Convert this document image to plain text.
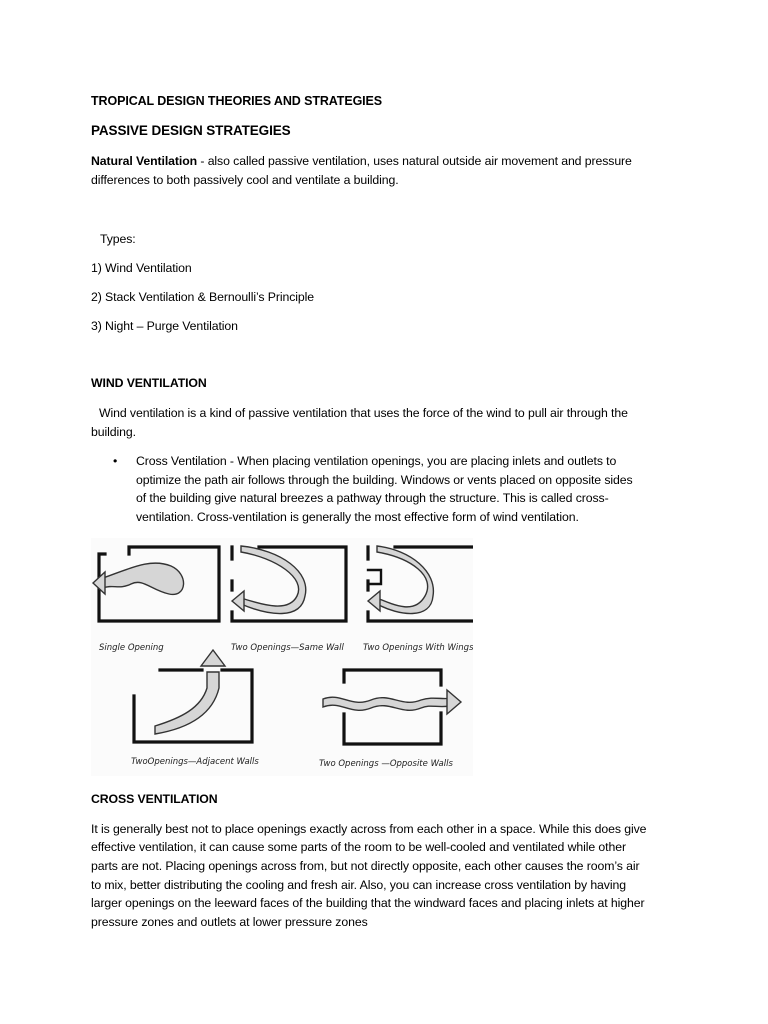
TROPICAL DESIGN THEORIES AND STRATEGIES
PASSIVE DESIGN STRATEGIES
Natural Ventilation - also called passive ventilation, uses natural outside air movement and pressure
differences to both passively cool and ventilate a building.
Types:
1) Wind Ventilation
2) Stack Ventilation & Bernoulli’s Principle
3) Night – Purge Ventilation
WIND VENTILATION
Wind ventilation is a kind of passive ventilation that uses the force of the wind to pull air through the
building.
• Cross Ventilation - When placing ventilation openings, you are placing inlets and outlets to
optimize the path air follows through the building. Windows or vents placed on opposite sides
of the building give natural breezes a pathway through the structure. This is called cross-
ventilation. Cross-ventilation is generally the most effective form of wind ventilation.
Single Opening	Two Openings—Same Wall Two Openings With Wings
TwoOpenings—Adjacent Walls	Two Openings —Opposite Walls
CROSS VENTILATION
It is generally best not to place openings exactly across from each other in a space. While this does give
effective ventilation, it can cause some parts of the room to be well-cooled and ventilated while other
parts are not. Placing openings across from, but not directly opposite, each other causes the room’s air
to mix, better distributing the cooling and fresh air. Also, you can increase cross ventilation by having
larger openings on the leeward faces of the building that the windward faces and placing inlets at higher
pressure zones and outlets at lower pressure zones
